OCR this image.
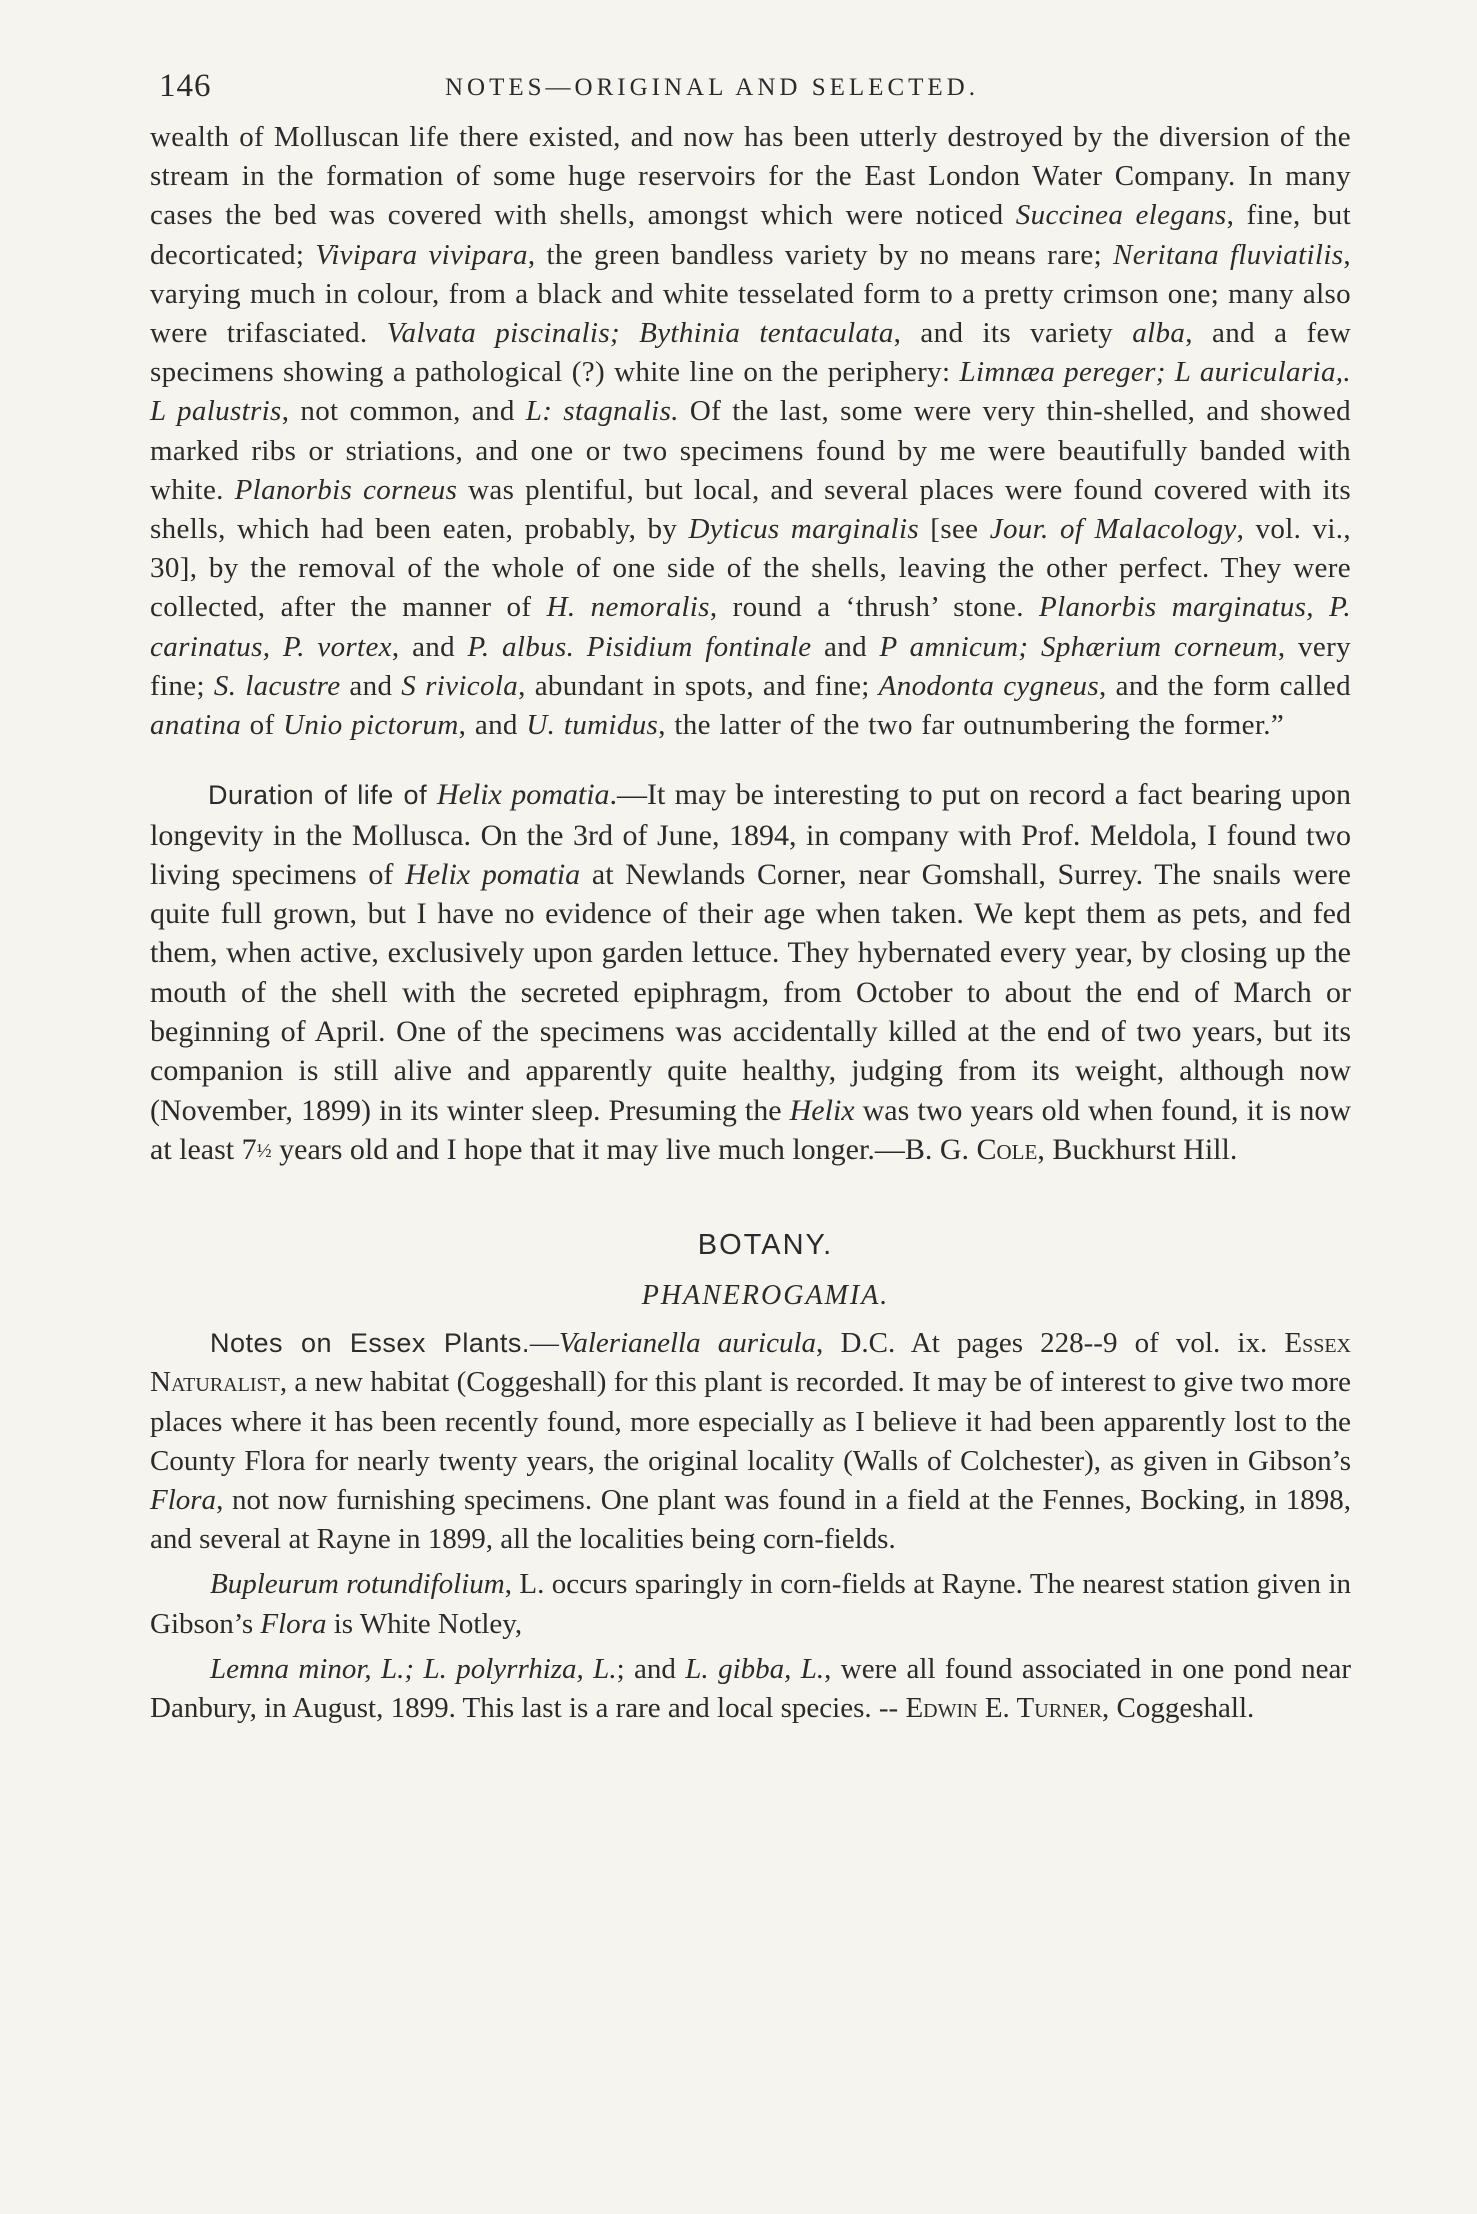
146	NOTES—ORIGINAL AND SELECTED.

wealth of Molluscan life there existed, and now has been utterly destroyed by the diversion of the stream in the formation of some huge reservoirs for the East London Water Company. In many cases the bed was covered with shells, amongst which were noticed Succinea elegans, fine, but decorticated; Vivipara vivipara, the green bandless variety by no means rare; Neritana fluviatilis, varying much in colour, from a black and white tesselated form to a pretty crimson one; many also were trifasciated. Valvata piscinalis; Bythinia tentaculata, and its variety alba, and a few specimens showing a pathological (?) white line on the periphery: Limnæa pereger; L auricularia,. L palustris, not common, and L: stagnalis. Of the last, some were very thin-shelled, and showed marked ribs or striations, and one or two specimens found by me were beautifully banded with white. Planorbis corneus was plentiful, but local, and several places were found covered with its shells, which had been eaten, probably, by Dyticus marginalis [see Jour. of Malacology, vol. vi., 30], by the removal of the whole of one side of the shells, leaving the other perfect. They were collected, after the manner of H. nemoralis, round a ‘thrush’ stone. Planorbis marginatus, P. carinatus, P. vortex, and P. albus. Pisidium fontinale and P amnicum; Sphærium corneum, very fine; S. lacustre and S rivicola, abundant in spots, and fine; Anodonta cygneus, and the form called anatina of Unio pictorum, and U. tumidus, the latter of the two far outnumbering the former.”

Duration of life of Helix pomatia.—It may be interesting to put on record a fact bearing upon longevity in the Mollusca. On the 3rd of June, 1894, in company with Prof. Meldola, I found two living specimens of Helix pomatia at Newlands Corner, near Gomshall, Surrey. The snails were quite full grown, but I have no evidence of their age when taken. We kept them as pets, and fed them, when active, exclusively upon garden lettuce. They hybernated every year, by closing up the mouth of the shell with the secreted epiphragm, from October to about the end of March or beginning of April. One of the specimens was accidentally killed at the end of two years, but its companion is still alive and apparently quite healthy, judging from its weight, although now (November, 1899) in its winter sleep. Presuming the Helix was two years old when found, it is now at least 7½ years old and I hope that it may live much longer.—B. G. Cole, Buckhurst Hill.

BOTANY.
PHANEROGAMIA.

Notes on Essex Plants.—Valerianella auricula, D.C. At pages 228--9 of vol. ix. Essex Naturalist, a new habitat (Coggeshall) for this plant is recorded. It may be of interest to give two more places where it has been recently found, more especially as I believe it had been apparently lost to the County Flora for nearly twenty years, the original locality (Walls of Colchester), as given in Gibson’s Flora, not now furnishing specimens. One plant was found in a field at the Fennes, Bocking, in 1898, and several at Rayne in 1899, all the localities being corn-fields.

Bupleurum rotundifolium, L. occurs sparingly in corn-fields at Rayne. The nearest station given in Gibson’s Flora is White Notley,

Lemna minor, L.; L. polyrrhiza, L.; and L. gibba, L., were all found associated in one pond near Danbury, in August, 1899. This last is a rare and local species. -- Edwin E. Turner, Coggeshall.
